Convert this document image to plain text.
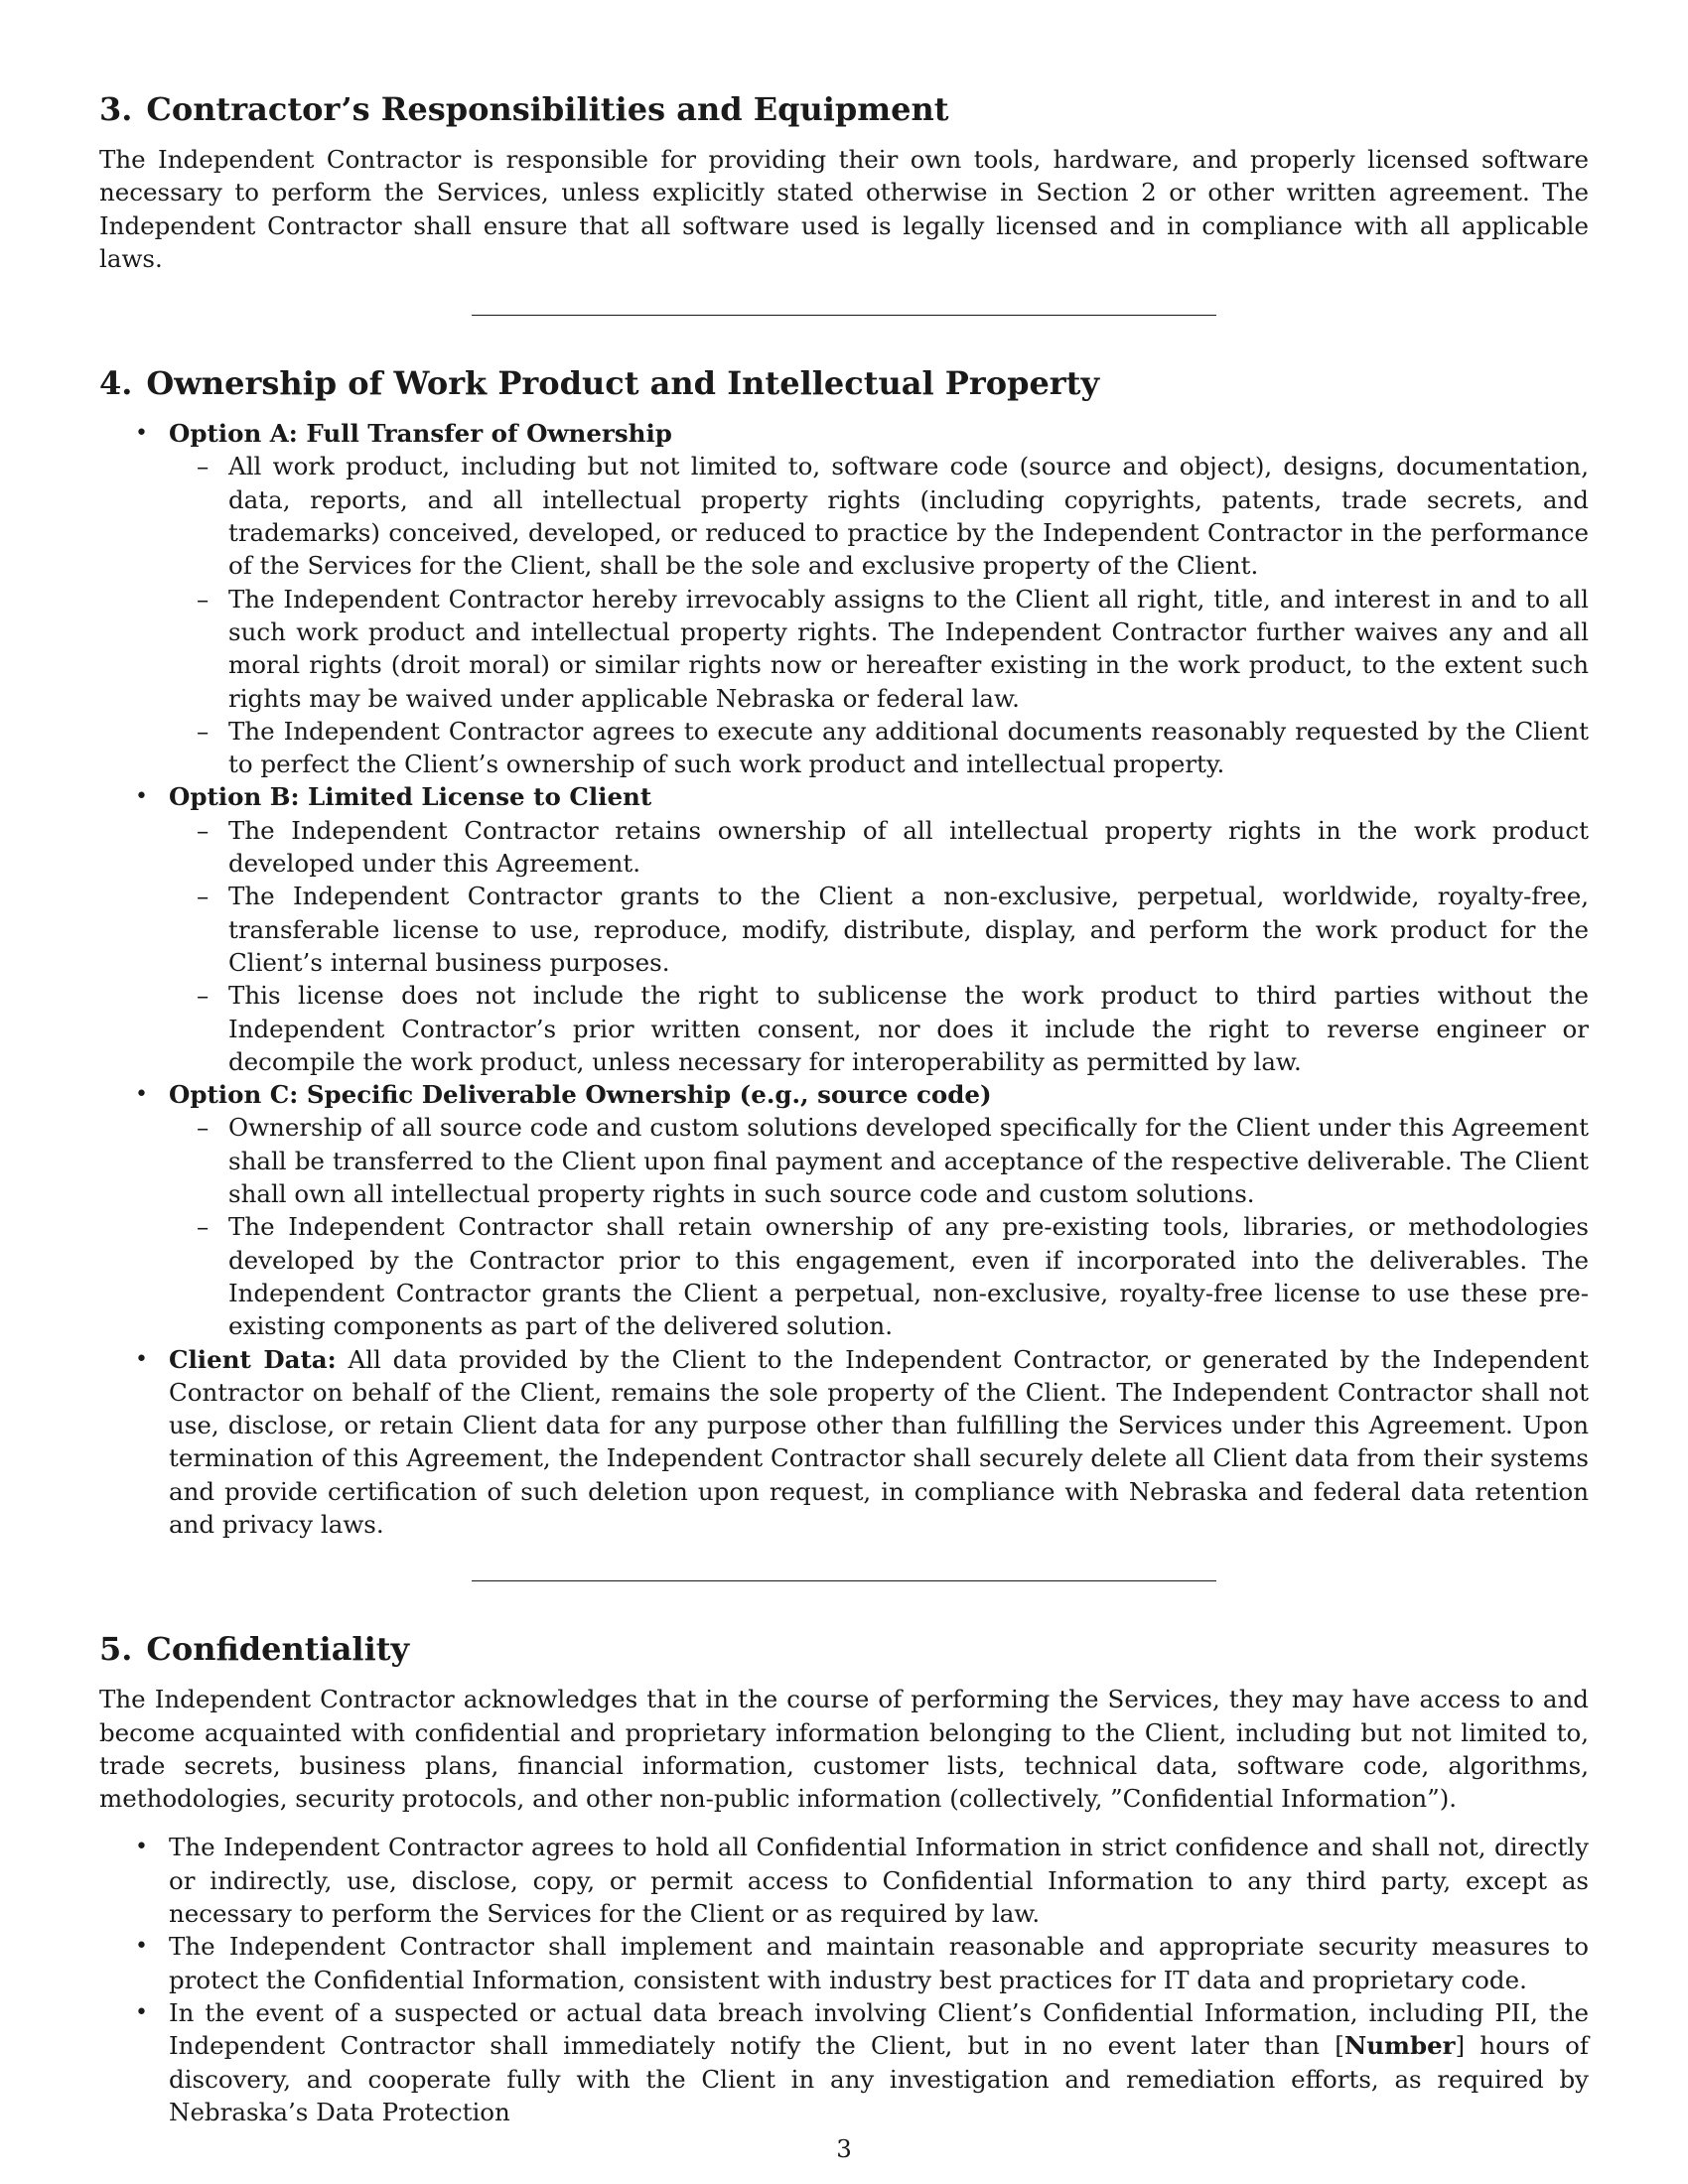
3. Contractor’s Responsibilities and Equipment

The Independent Contractor is responsible for providing their own tools, hardware, and properly licensed software necessary to perform the Services, unless explicitly stated otherwise in Section 2 or other written agreement. The Independent Contractor shall ensure that all software used is legally licensed and in compliance with all applicable laws.

4. Ownership of Work Product and Intellectual Property
• Option A: Full Transfer of Ownership
– All work product, including but not limited to, software code (source and object), designs, documentation, data, reports, and all intellectual property rights (including copyrights, patents, trade secrets, and trademarks) conceived, developed, or reduced to practice by the Independent Contractor in the performance of the Services for the Client, shall be the sole and exclusive property of the Client.
– The Independent Contractor hereby irrevocably assigns to the Client all right, title, and interest in and to all such work product and intellectual property rights. The Independent Contractor further waives any and all moral rights (droit moral) or similar rights now or hereafter existing in the work product, to the extent such rights may be waived under applicable Nebraska or federal law.
– The Independent Contractor agrees to execute any additional documents reasonably requested by the Client to perfect the Client’s ownership of such work product and intellectual property.
• Option B: Limited License to Client
– The Independent Contractor retains ownership of all intellectual property rights in the work product developed under this Agreement.
– The Independent Contractor grants to the Client a non-exclusive, perpetual, worldwide, royalty-free, transferable license to use, reproduce, modify, distribute, display, and perform the work product for the Client’s internal business purposes.
– This license does not include the right to sublicense the work product to third parties without the Independent Contractor’s prior written consent, nor does it include the right to reverse engineer or decompile the work product, unless necessary for interoperability as permitted by law.
• Option C: Specific Deliverable Ownership (e.g., source code)
– Ownership of all source code and custom solutions developed specifically for the Client under this Agreement shall be transferred to the Client upon final payment and acceptance of the respective deliverable. The Client shall own all intellectual property rights in such source code and custom solutions.
– The Independent Contractor shall retain ownership of any pre-existing tools, libraries, or methodologies developed by the Contractor prior to this engagement, even if incorporated into the deliverables. The Independent Contractor grants the Client a perpetual, non-exclusive, royalty-free license to use these pre-existing components as part of the delivered solution.
• Client Data: All data provided by the Client to the Independent Contractor, or generated by the Independent Contractor on behalf of the Client, remains the sole property of the Client. The Independent Contractor shall not use, disclose, or retain Client data for any purpose other than fulfilling the Services under this Agreement. Upon termination of this Agreement, the Independent Contractor shall securely delete all Client data from their systems and provide certification of such deletion upon request, in compliance with Nebraska and federal data retention and privacy laws.
5. Confidentiality

The Independent Contractor acknowledges that in the course of performing the Services, they may have access to and become acquainted with confidential and proprietary information belonging to the Client, including but not limited to, trade secrets, business plans, financial information, customer lists, technical data, software code, algorithms, methodologies, security protocols, and other non-public information (collectively, ”Confidential Information”).

• The Independent Contractor agrees to hold all Confidential Information in strict confidence and shall not, directly or indirectly, use, disclose, copy, or permit access to Confidential Information to any third party, except as necessary to perform the Services for the Client or as required by law.
• The Independent Contractor shall implement and maintain reasonable and appropriate security measures to protect the Confidential Information, consistent with industry best practices for IT data and proprietary code.
• In the event of a suspected or actual data breach involving Client’s Confidential Information, including PII, the Independent Contractor shall immediately notify the Client, but in no event later than [Number] hours of discovery, and cooperate fully with the Client in any investigation and remediation efforts, as required by Nebraska’s Data Protection
3
